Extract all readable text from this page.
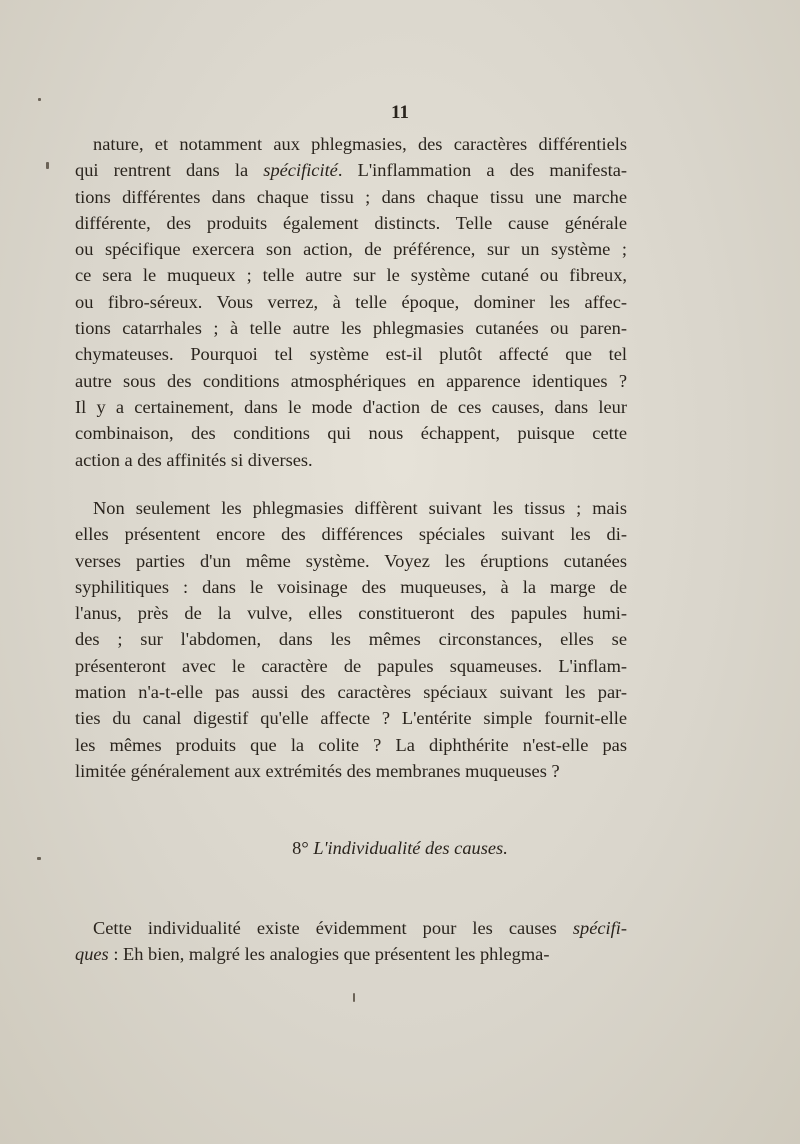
11
nature, et notamment aux phlegmasies, des caractères différentiels
qui rentrent dans la spécificité. L'inflammation a des manifesta-
tions différentes dans chaque tissu ; dans chaque tissu une marche
différente, des produits également distincts. Telle cause générale
ou spécifique exercera son action, de préférence, sur un système ;
ce sera le muqueux ; telle autre sur le système cutané ou fibreux,
ou fibro-séreux. Vous verrez, à telle époque, dominer les affec-
tions catarrhales ; à telle autre les phlegmasies cutanées ou paren-
chymateuses. Pourquoi tel système est-il plutôt affecté que tel
autre sous des conditions atmosphériques en apparence identiques ?
Il y a certainement, dans le mode d'action de ces causes, dans leur
combinaison, des conditions qui nous échappent, puisque cette
action a des affinités si diverses.
Non seulement les phlegmasies diffèrent suivant les tissus ; mais
elles présentent encore des différences spéciales suivant les di-
verses parties d'un même système. Voyez les éruptions cutanées
syphilitiques : dans le voisinage des muqueuses, à la marge de
l'anus, près de la vulve, elles constitueront des papules humi-
des ; sur l'abdomen, dans les mêmes circonstances, elles se
présenteront avec le caractère de papules squameuses. L'inflam-
mation n'a-t-elle pas aussi des caractères spéciaux suivant les par-
ties du canal digestif qu'elle affecte ? L'entérite simple fournit-elle
les mêmes produits que la colite ? La diphthérite n'est-elle pas
limitée généralement aux extrémités des membranes muqueuses ?
8° L'individualité des causes.
Cette individualité existe évidemment pour les causes spécifi-
ques : Eh bien, malgré les analogies que présentent les phlegma-
